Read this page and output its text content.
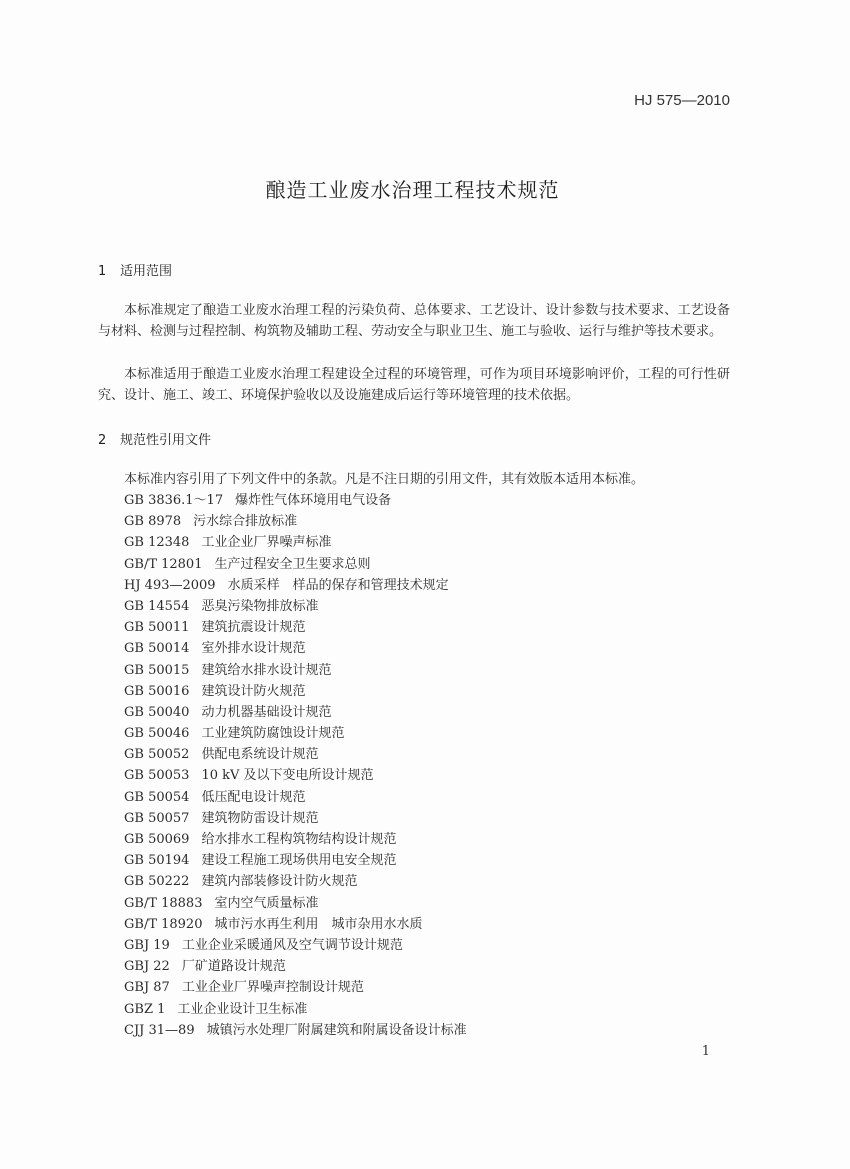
HJ 575—2010
酿造工业废水治理工程技术规范
1 适用范围
本标准规定了酿造工业废水治理工程的污染负荷、总体要求、工艺设计、设计参数与技术要求、工艺设备与材料、检测与过程控制、构筑物及辅助工程、劳动安全与职业卫生、施工与验收、运行与维护等技术要求。
本标准适用于酿造工业废水治理工程建设全过程的环境管理，可作为项目环境影响评价，工程的可行性研究、设计、施工、竣工、环境保护验收以及设施建成后运行等环境管理的技术依据。
2 规范性引用文件
本标准内容引用了下列文件中的条款。凡是不注日期的引用文件，其有效版本适用本标准。
GB 3836.1～17 爆炸性气体环境用电气设备
GB 8978 污水综合排放标准
GB 12348 工业企业厂界噪声标准
GB/T 12801 生产过程安全卫生要求总则
HJ 493—2009 水质采样　样品的保存和管理技术规定
GB 14554 恶臭污染物排放标准
GB 50011 建筑抗震设计规范
GB 50014 室外排水设计规范
GB 50015 建筑给水排水设计规范
GB 50016 建筑设计防火规范
GB 50040 动力机器基础设计规范
GB 50046 工业建筑防腐蚀设计规范
GB 50052 供配电系统设计规范
GB 50053 10 kV 及以下变电所设计规范
GB 50054 低压配电设计规范
GB 50057 建筑物防雷设计规范
GB 50069 给水排水工程构筑物结构设计规范
GB 50194 建设工程施工现场供用电安全规范
GB 50222 建筑内部装修设计防火规范
GB/T 18883 室内空气质量标准
GB/T 18920 城市污水再生利用　城市杂用水水质
GBJ 19 工业企业采暖通风及空气调节设计规范
GBJ 22 厂矿道路设计规范
GBJ 87 工业企业厂界噪声控制设计规范
GBZ 1 工业企业设计卫生标准
CJJ 31—89 城镇污水处理厂附属建筑和附属设备设计标准
1
